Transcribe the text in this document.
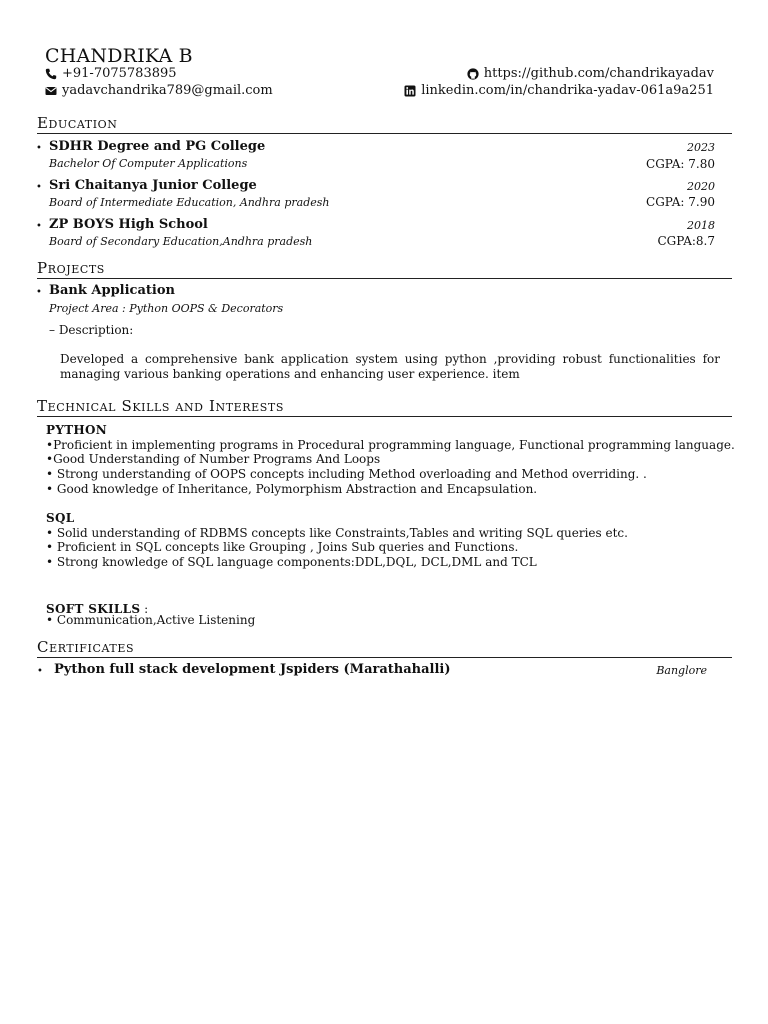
CHANDRIKA B
+91-7075783895
yadavchandrika789@gmail.com
https://github.com/chandrikayadav
linkedin.com/in/chandrika-yadav-061a9a251
Education
• SDHR Degree and PG College	2023
Bachelor Of Computer Applications	CGPA: 7.80
• Sri Chaitanya Junior College	2020
Board of Intermediate Education, Andhra pradesh	CGPA: 7.90
• ZP BOYS High School	2018
Board of Secondary Education,Andhra pradesh	CGPA:8.7
Projects
• Bank Application
Project Area : Python OOPS & Decorators
– Description:
Developed a comprehensive bank application system using python ,providing robust functionalities for managing various banking operations and enhancing user experience. item
Technical Skills and Interests
PYTHON
•Proficient in implementing programs in Procedural programming language, Functional programming language.
•Good Understanding of Number Programs And Loops
• Strong understanding of OOPS concepts including Method overloading and Method overriding. .
• Good knowledge of Inheritance, Polymorphism Abstraction and Encapsulation.
SQL
• Solid understanding of RDBMS concepts like Constraints,Tables and writing SQL queries etc.
• Proficient in SQL concepts like Grouping , Joins Sub queries and Functions.
• Strong knowledge of SQL language components:DDL,DQL, DCL,DML and TCL
SOFT SKILLS :
• Communication,Active Listening
Certificates
• Python full stack development Jspiders (Marathahalli)	Banglore
